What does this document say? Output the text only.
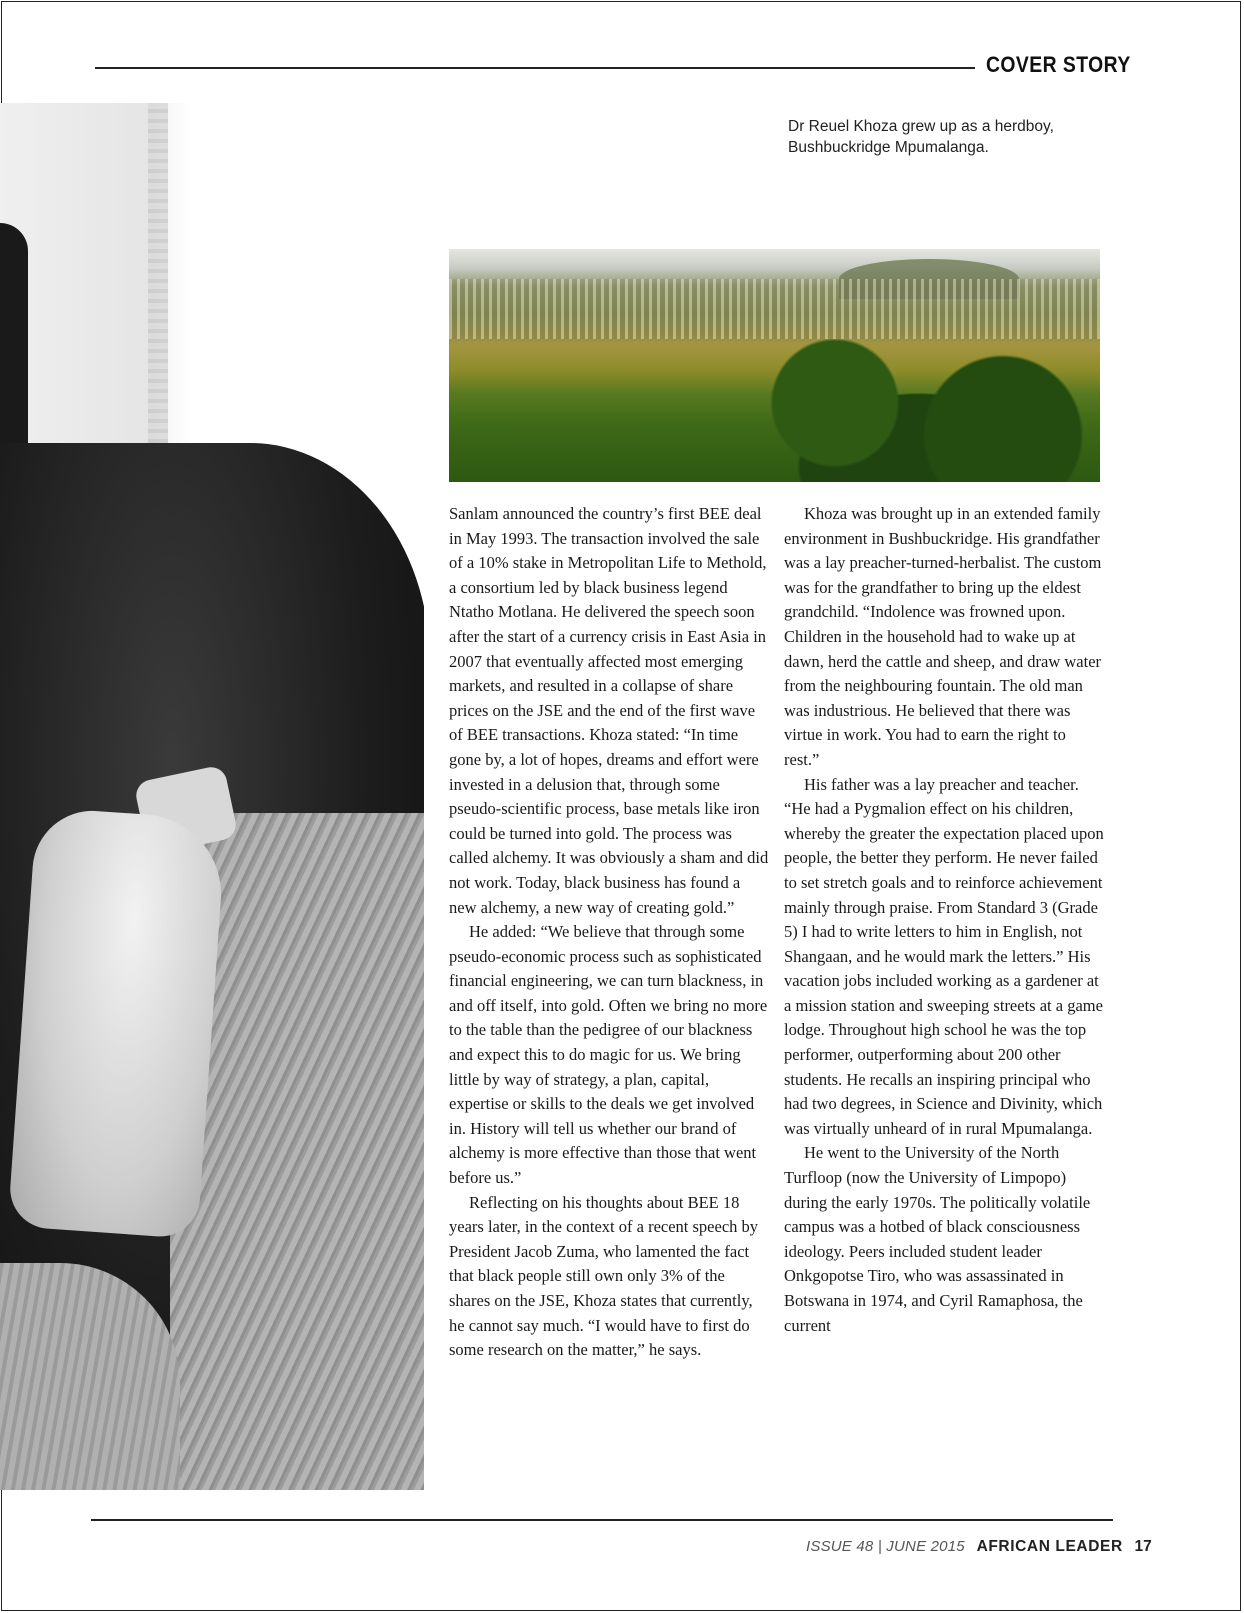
COVER STORY
Dr Reuel Khoza grew up as a herdboy,
Bushbuckridge Mpumalanga.

Sanlam announced the country’s first BEE deal in May 1993. The transaction involved the sale of a 10% stake in Metropolitan Life to Methold, a consortium led by black business legend Ntatho Motlana. He delivered the speech soon after the start of a currency crisis in East Asia in 2007 that eventually affected most emerging markets, and resulted in a collapse of share prices on the JSE and the end of the first wave of BEE transactions. Khoza stated: “In time gone by, a lot of hopes, dreams and effort were invested in a delusion that, through some pseudo-scientific process, base metals like iron could be turned into gold. The process was called alchemy. It was obviously a sham and did not work. Today, black business has found a new alchemy, a new way of creating gold.”

He added: “We believe that through some pseudo-economic process such as sophisticated financial engineering, we can turn blackness, in and off itself, into gold. Often we bring no more to the table than the pedigree of our blackness and expect this to do magic for us. We bring little by way of strategy, a plan, capital, expertise or skills to the deals we get involved in. History will tell us whether our brand of alchemy is more effective than those that went before us.”

Reflecting on his thoughts about BEE 18 years later, in the context of a recent speech by President Jacob Zuma, who lamented the fact that black people still own only 3% of the shares on the JSE, Khoza states that currently, he cannot say much. “I would have to first do some research on the matter,” he says.

Khoza was brought up in an extended family environment in Bushbuckridge. His grandfather was a lay preacher-turned-herbalist. The custom was for the grandfather to bring up the eldest grandchild. “Indolence was frowned upon. Children in the household had to wake up at dawn, herd the cattle and sheep, and draw water from the neighbouring fountain. The old man was industrious. He believed that there was virtue in work. You had to earn the right to rest.”

His father was a lay preacher and teacher. “He had a Pygmalion effect on his children, whereby the greater the expectation placed upon people, the better they perform. He never failed to set stretch goals and to reinforce achievement mainly through praise. From Standard 3 (Grade 5) I had to write letters to him in English, not Shangaan, and he would mark the letters.” His vacation jobs included working as a gardener at a mission station and sweeping streets at a game lodge. Throughout high school he was the top performer, outperforming about 200 other students. He recalls an inspiring principal who had two degrees, in Science and Divinity, which was virtually unheard of in rural Mpumalanga.

He went to the University of the North Turfloop (now the University of Limpopo) during the early 1970s. The politically volatile campus was a hotbed of black consciousness ideology. Peers included student leader Onkgopotse Tiro, who was assassinated in Botswana in 1974, and Cyril Ramaphosa, the current

ISSUE 48 | JUNE 2015 AFRICAN LEADER 17
